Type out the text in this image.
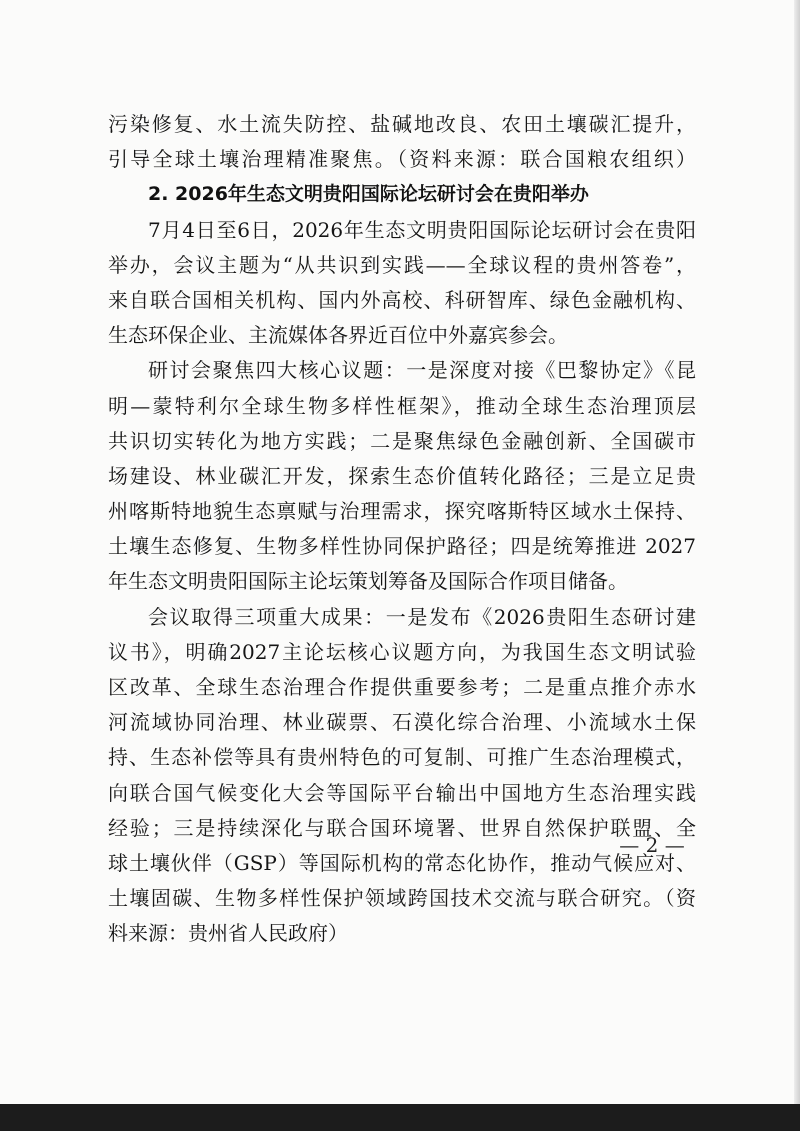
污染修复、水土流失防控、盐碱地改良、农田土壤碳汇提升，
引导全球土壤治理精准聚焦。（资料来源：联合国粮农组织）
2. 2026年生态文明贵阳国际论坛研讨会在贵阳举办
7月4日至6日，2026年生态文明贵阳国际论坛研讨会在贵阳
举办，会议主题为“从共识到实践——全球议程的贵州答卷”，
来自联合国相关机构、国内外高校、科研智库、绿色金融机构、
生态环保企业、主流媒体各界近百位中外嘉宾参会。
研讨会聚焦四大核心议题：一是深度对接《巴黎协定》《昆
明—蒙特利尔全球生物多样性框架》，推动全球生态治理顶层
共识切实转化为地方实践；二是聚焦绿色金融创新、全国碳市
场建设、林业碳汇开发，探索生态价值转化路径；三是立足贵
州喀斯特地貌生态禀赋与治理需求，探究喀斯特区域水土保持、
土壤生态修复、生物多样性协同保护路径；四是统筹推进 2027
年生态文明贵阳国际主论坛策划筹备及国际合作项目储备。
会议取得三项重大成果：一是发布《2026贵阳生态研讨建
议书》，明确2027主论坛核心议题方向，为我国生态文明试验
区改革、全球生态治理合作提供重要参考；二是重点推介赤水
河流域协同治理、林业碳票、石漠化综合治理、小流域水土保
持、生态补偿等具有贵州特色的可复制、可推广生态治理模式，
向联合国气候变化大会等国际平台输出中国地方生态治理实践
经验；三是持续深化与联合国环境署、世界自然保护联盟、全
球土壤伙伴（GSP）等国际机构的常态化协作，推动气候应对、
土壤固碳、生物多样性保护领域跨国技术交流与联合研究。（资
料来源：贵州省人民政府）
— 2 —
